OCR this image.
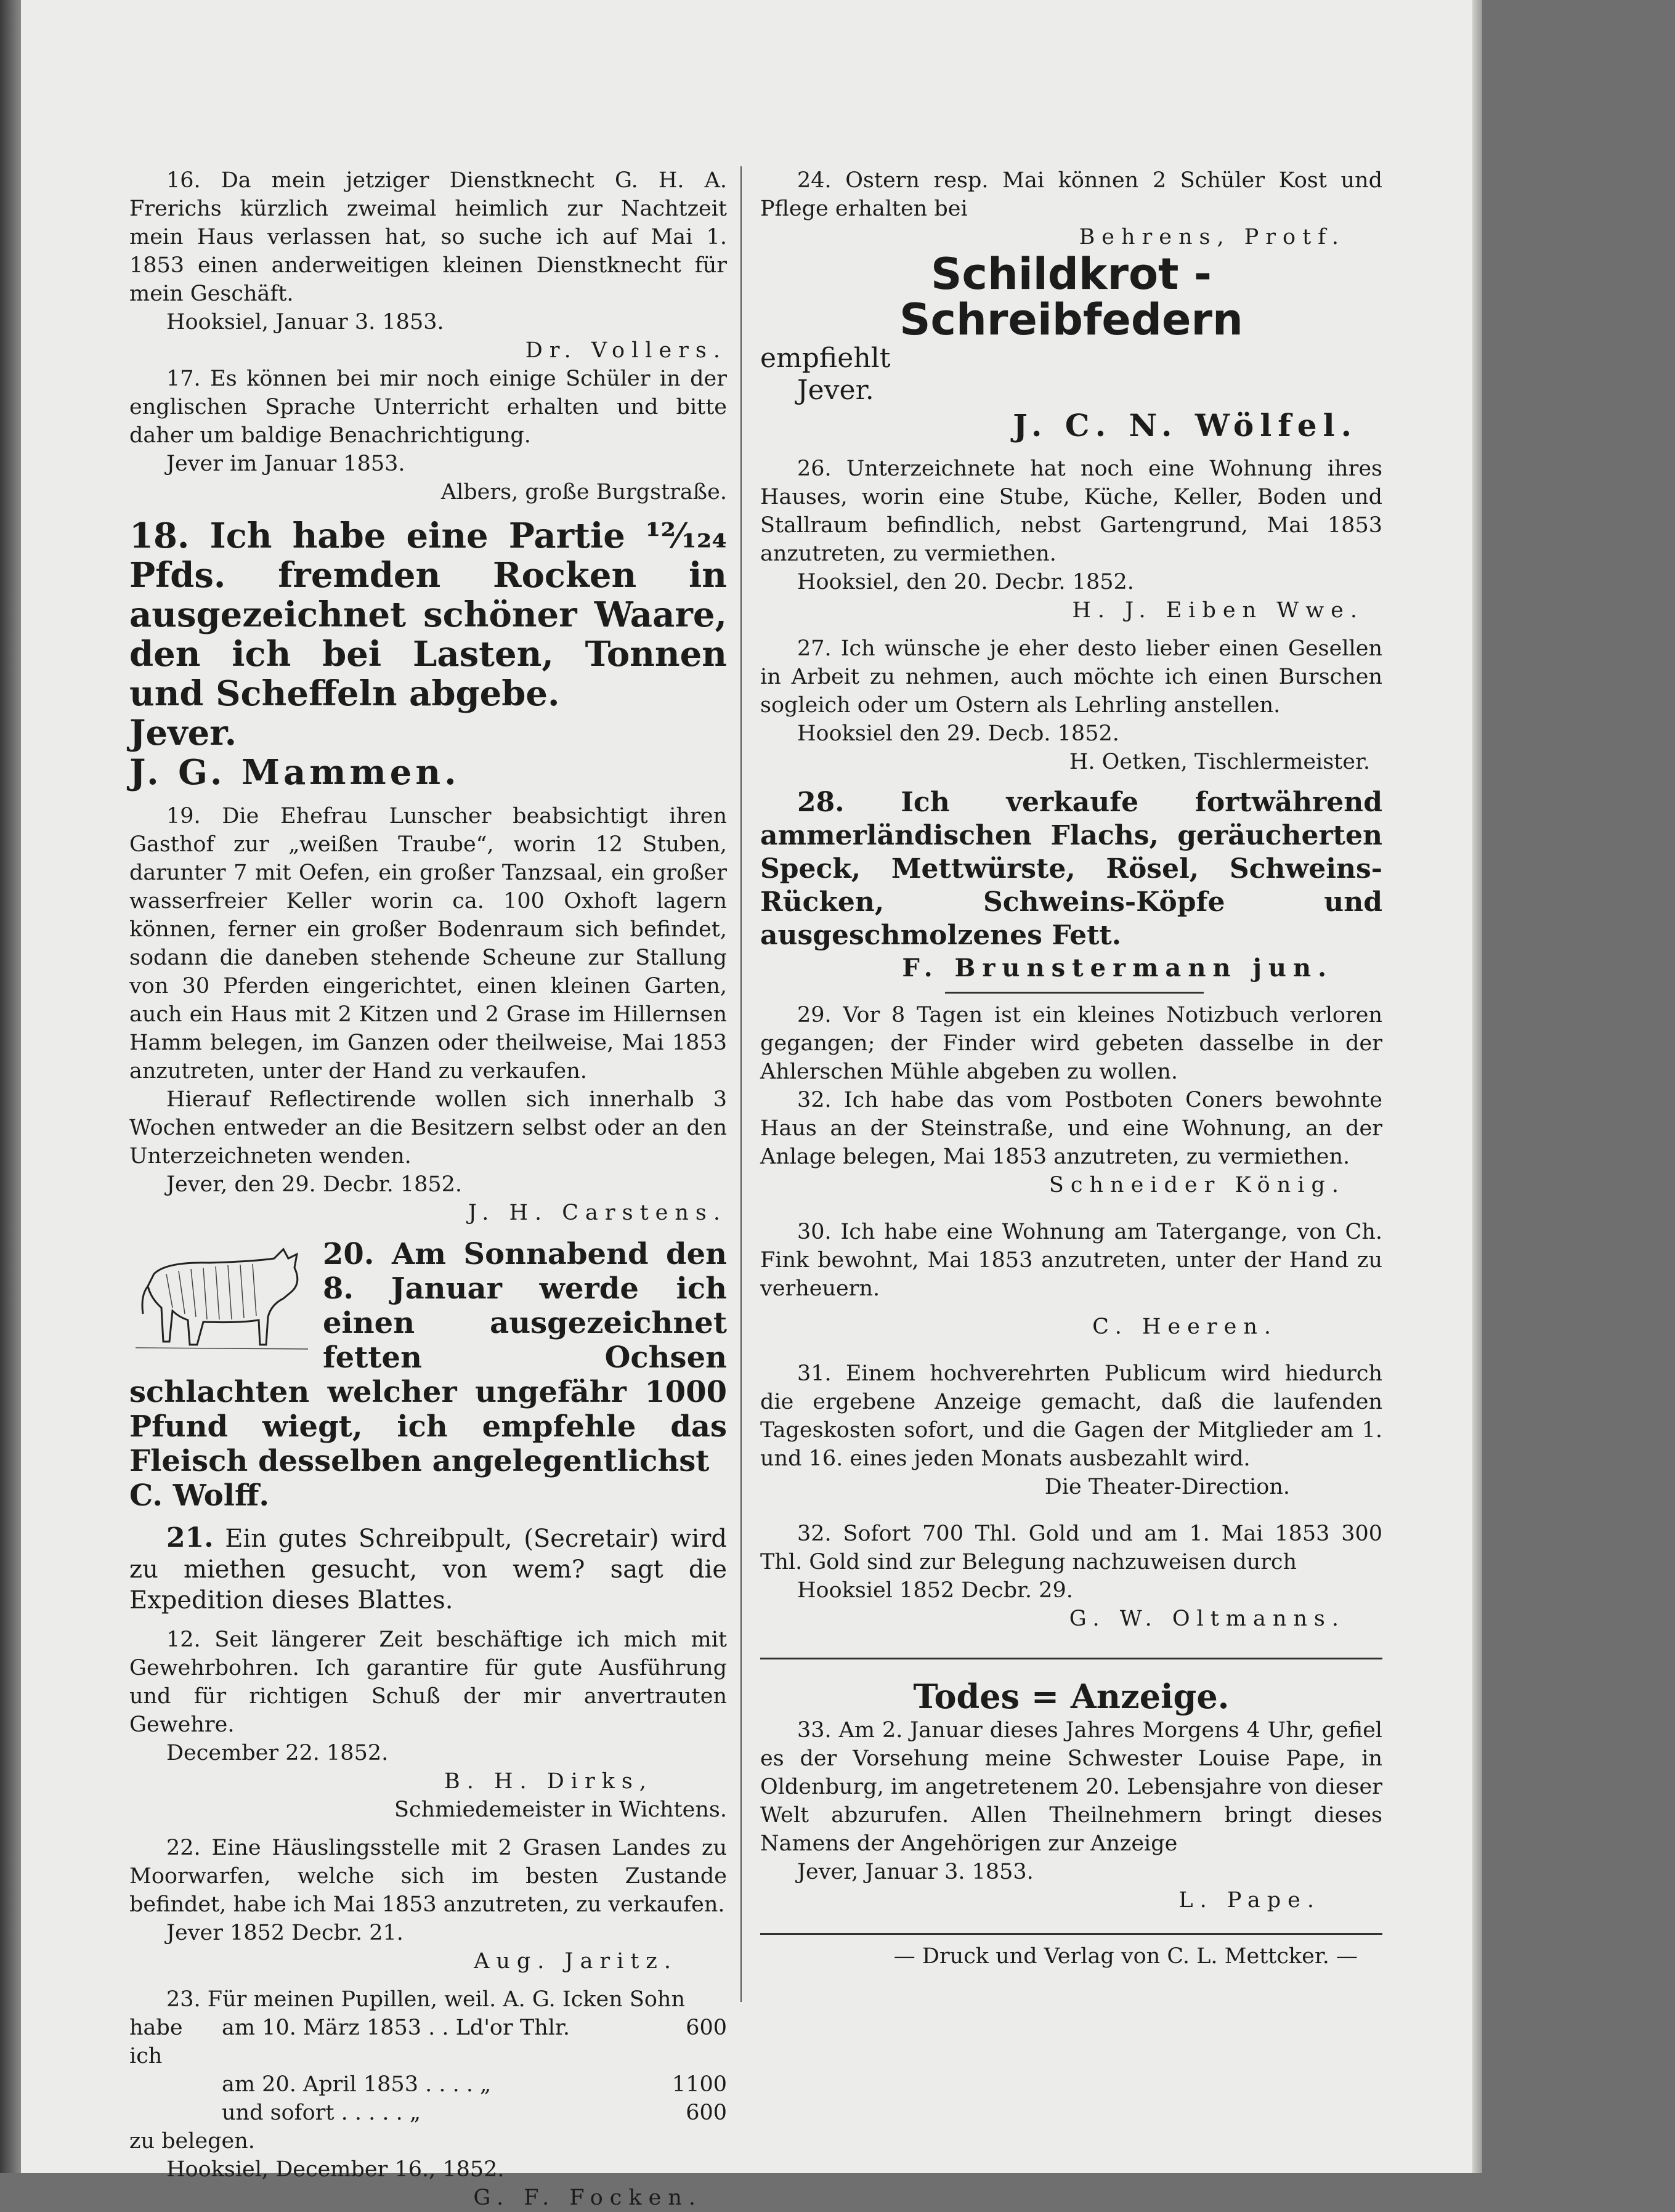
16. Da mein jetziger Dienstknecht G. H. A. Frerichs kürzlich zweimal heimlich zur Nachtzeit mein Haus verlassen hat, so suche ich auf Mai 1. 1853 einen anderweitigen kleinen Dienstknecht für mein Geschäft.

Hooksiel, Januar 3. 1853.

Dr. Vollers.

17. Es können bei mir noch einige Schüler in der englischen Sprache Unterricht erhalten und bitte daher um baldige Benachrichtigung.

Jever im Januar 1853.

Albers, große Burgstraße.

18. Ich habe eine Partie ¹²⁄₁₂₄ Pfds. fremden Rocken in ausgezeichnet schöner Waare, den ich bei Lasten, Tonnen und Scheffeln abgebe.

Jever.

J. G. Mammen.

19. Die Ehefrau Lunscher beabsichtigt ihren Gasthof zur „weißen Traube“, worin 12 Stuben, darunter 7 mit Oefen, ein großer Tanzsaal, ein großer wasserfreier Keller worin ca. 100 Oxhoft lagern können, ferner ein großer Bodenraum sich befindet, sodann die daneben stehende Scheune zur Stallung von 30 Pferden eingerichtet, einen kleinen Garten, auch ein Haus mit 2 Kitzen und 2 Grase im Hillernsen Hamm belegen, im Ganzen oder theilweise, Mai 1853 anzutreten, unter der Hand zu verkaufen.

Hierauf Reflectirende wollen sich innerhalb 3 Wochen entweder an die Besitzern selbst oder an den Unterzeichneten wenden.

Jever, den 29. Decbr. 1852.

J. H. Carstens.

20. Am Sonnabend den 8. Januar werde ich einen ausgezeichnet fetten Ochsen schlachten welcher ungefähr 1000 Pfund wiegt, ich empfehle das Fleisch desselben angelegentlichst

C. Wolff.

21. Ein gutes Schreibpult, (Secretair) wird zu miethen gesucht, von wem? sagt die Expedition dieses Blattes.

12. Seit längerer Zeit beschäftige ich mich mit Gewehrbohren. Ich garantire für gute Ausführung und für richtigen Schuß der mir anvertrauten Gewehre.

December 22. 1852.

B. H. Dirks,

Schmiedemeister in Wichtens.

22. Eine Häuslingsstelle mit 2 Grasen Landes zu Moorwarfen, welche sich im besten Zustande befindet, habe ich Mai 1853 anzutreten, zu verkaufen.

Jever 1852 Decbr. 21.

Aug. Jaritz.

23. Für meinen Pupillen, weil. A. G. Icken Sohn

habe ich
am 10. März 1853 . . Ld'or Thlr.	600
am 20. April 1853 . . . . „	1100
und sofort . . . . . „	600

zu belegen.

Hooksiel, December 16., 1852.

G. F. Focken.

24. Ostern resp. Mai können 2 Schüler Kost und Pflege erhalten bei

Behrens, Protf.

Schildkrot - Schreibfedern

empfiehlt

Jever.

J. C. N. Wölfel.

26. Unterzeichnete hat noch eine Wohnung ihres Hauses, worin eine Stube, Küche, Keller, Boden und Stallraum befindlich, nebst Gartengrund, Mai 1853 anzutreten, zu vermiethen.

Hooksiel, den 20. Decbr. 1852.

H. J. Eiben Wwe.

27. Ich wünsche je eher desto lieber einen Gesellen in Arbeit zu nehmen, auch möchte ich einen Burschen sogleich oder um Ostern als Lehrling anstellen.

Hooksiel den 29. Decb. 1852.

H. Oetken, Tischlermeister.

28. Ich verkaufe fortwährend ammerländischen Flachs, geräucherten Speck, Mettwürste, Rösel, Schweins-Rücken, Schweins-Köpfe und ausgeschmolzenes Fett.

F. Brunstermann jun.

29. Vor 8 Tagen ist ein kleines Notizbuch verloren gegangen; der Finder wird gebeten dasselbe in der Ahlerschen Mühle abgeben zu wollen.

32. Ich habe das vom Postboten Coners bewohnte Haus an der Steinstraße, und eine Wohnung, an der Anlage belegen, Mai 1853 anzutreten, zu vermiethen.

Schneider König.

30. Ich habe eine Wohnung am Tatergange, von Ch. Fink bewohnt, Mai 1853 anzutreten, unter der Hand zu verheuern.

C. Heeren.

31. Einem hochverehrten Publicum wird hiedurch die ergebene Anzeige gemacht, daß die laufenden Tageskosten sofort, und die Gagen der Mitglieder am 1. und 16. eines jeden Monats ausbezahlt wird.

Die Theater-Direction.

32. Sofort 700 Thl. Gold und am 1. Mai 1853 300 Thl. Gold sind zur Belegung nachzuweisen durch

Hooksiel 1852 Decbr. 29.

G. W. Oltmanns.

Todes = Anzeige.

33. Am 2. Januar dieses Jahres Morgens 4 Uhr, gefiel es der Vorsehung meine Schwester Louise Pape, in Oldenburg, im angetretenem 20. Lebensjahre von dieser Welt abzurufen. Allen Theilnehmern bringt dieses Namens der Angehörigen zur Anzeige

Jever, Januar 3. 1853.

L. Pape.

— Druck und Verlag von C. L. Mettcker. —
